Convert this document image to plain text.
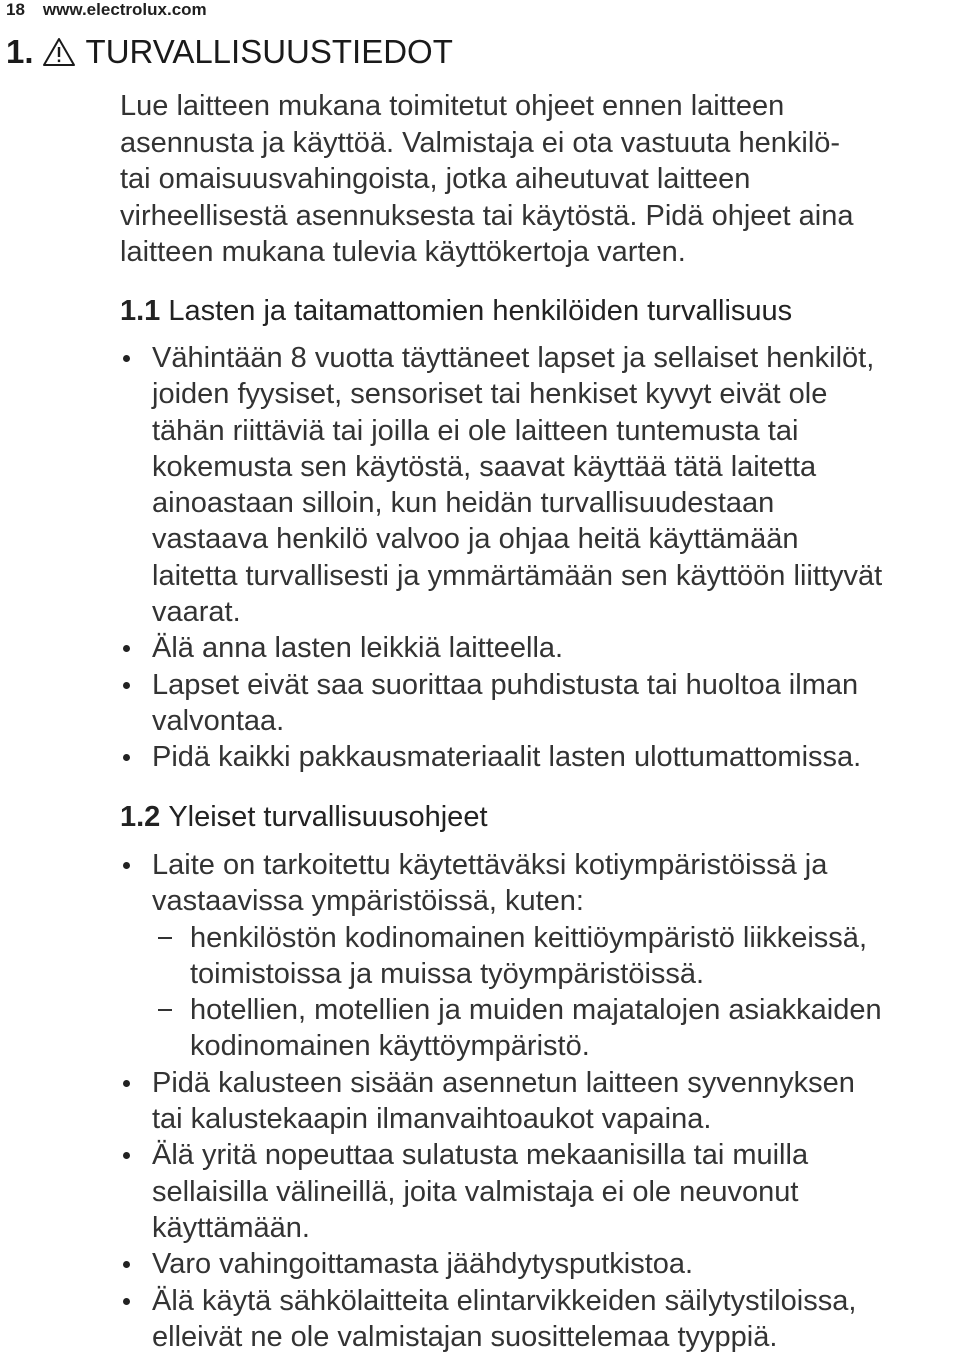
18 www.electrolux.com
1. TURVALLISUUSTIEDOT

Lue laitteen mukana toimitetut ohjeet ennen laitteen

asennusta ja käyttöä. Valmistaja ei ota vastuuta henkilö-

tai omaisuusvahingoista, jotka aiheutuvat laitteen

virheellisestä asennuksesta tai käytöstä. Pidä ohjeet aina

laitteen mukana tulevia käyttökertoja varten.

1.1 Lasten ja taitamattomien henkilöiden turvallisuus
Vähintään 8 vuotta täyttäneet lapset ja sellaiset henkilöt,
joiden fyysiset, sensoriset tai henkiset kyvyt eivät ole
tähän riittäviä tai joilla ei ole laitteen tuntemusta tai
kokemusta sen käytöstä, saavat käyttää tätä laitetta
ainoastaan silloin, kun heidän turvallisuudestaan
vastaava henkilö valvoo ja ohjaa heitä käyttämään
laitetta turvallisesti ja ymmärtämään sen käyttöön liittyvät
vaarat.
Älä anna lasten leikkiä laitteella.
Lapset eivät saa suorittaa puhdistusta tai huoltoa ilman
valvontaa.
Pidä kaikki pakkausmateriaalit lasten ulottumattomissa.
1.2 Yleiset turvallisuusohjeet
Laite on tarkoitettu käytettäväksi kotiympäristöissä ja
vastaavissa ympäristöissä, kuten:
henkilöstön kodinomainen keittiöympäristö liikkeissä,
toimistoissa ja muissa työympäristöissä.
hotellien, motellien ja muiden majatalojen asiakkaiden
kodinomainen käyttöympäristö.
Pidä kalusteen sisään asennetun laitteen syvennyksen
tai kalustekaapin ilmanvaihtoaukot vapaina.
Älä yritä nopeuttaa sulatusta mekaanisilla tai muilla
sellaisilla välineillä, joita valmistaja ei ole neuvonut
käyttämään.
Varo vahingoittamasta jäähdytysputkistoa.
Älä käytä sähkölaitteita elintarvikkeiden säilytystiloissa,
elleivät ne ole valmistajan suosittelemaa tyyppiä.
